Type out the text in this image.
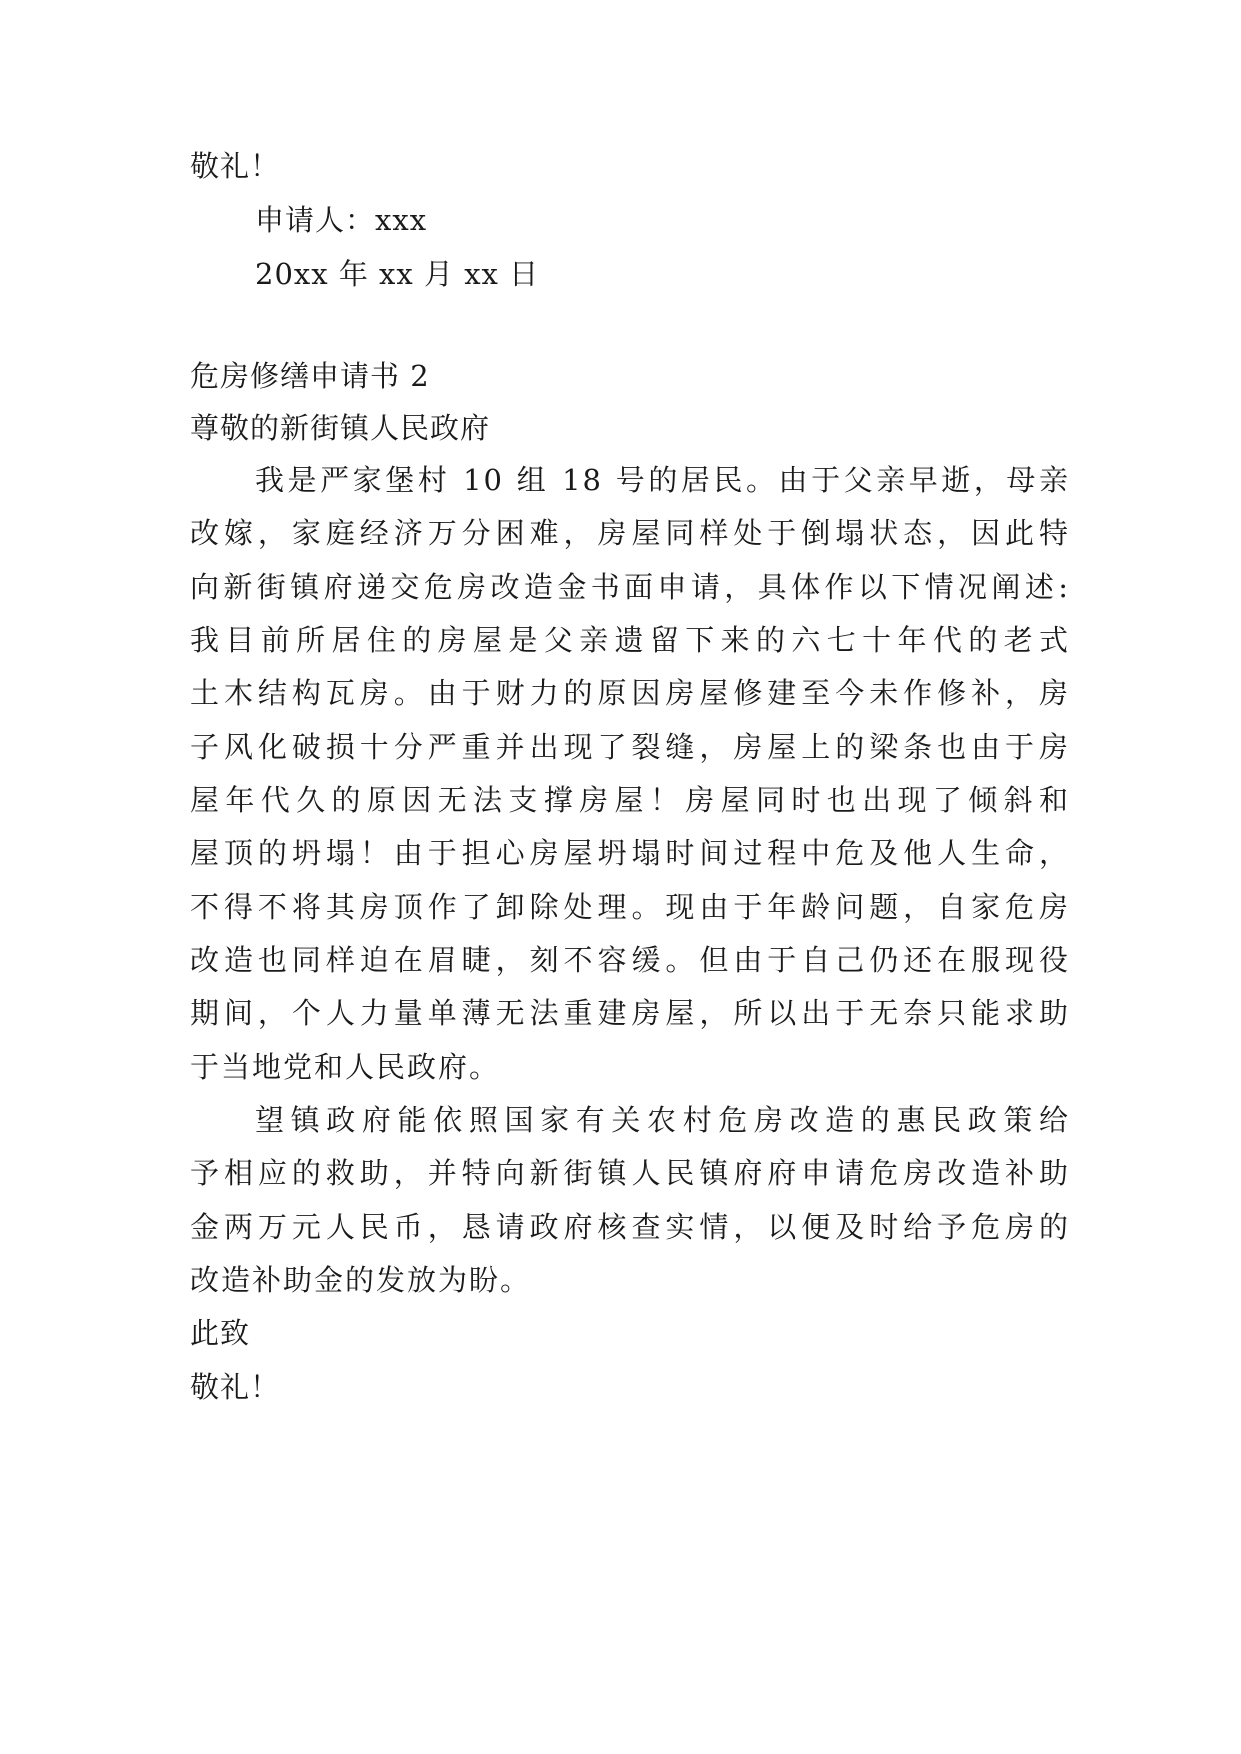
敬礼！
申请人：xxx
20xx 年 xx 月 xx 日
危房修缮申请书 2
尊敬的新街镇人民政府
我是严家堡村 10 组 18 号的居民。由于父亲早逝，母亲
改嫁，家庭经济万分困难，房屋同样处于倒塌状态，因此特
向新街镇府递交危房改造金书面申请，具体作以下情况阐述:
我目前所居住的房屋是父亲遗留下来的六七十年代的老式
土木结构瓦房。由于财力的原因房屋修建至今未作修补，房
子风化破损十分严重并出现了裂缝，房屋上的梁条也由于房
屋年代久的原因无法支撑房屋！房屋同时也出现了倾斜和
屋顶的坍塌！由于担心房屋坍塌时间过程中危及他人生命，
不得不将其房顶作了卸除处理。现由于年龄问题，自家危房
改造也同样迫在眉睫，刻不容缓。但由于自己仍还在服现役
期间，个人力量单薄无法重建房屋，所以出于无奈只能求助
于当地党和人民政府。
望镇政府能依照国家有关农村危房改造的惠民政策给
予相应的救助，并特向新街镇人民镇府府申请危房改造补助
金两万元人民币，恳请政府核查实情，以便及时给予危房的
改造补助金的发放为盼。
此致
敬礼！
